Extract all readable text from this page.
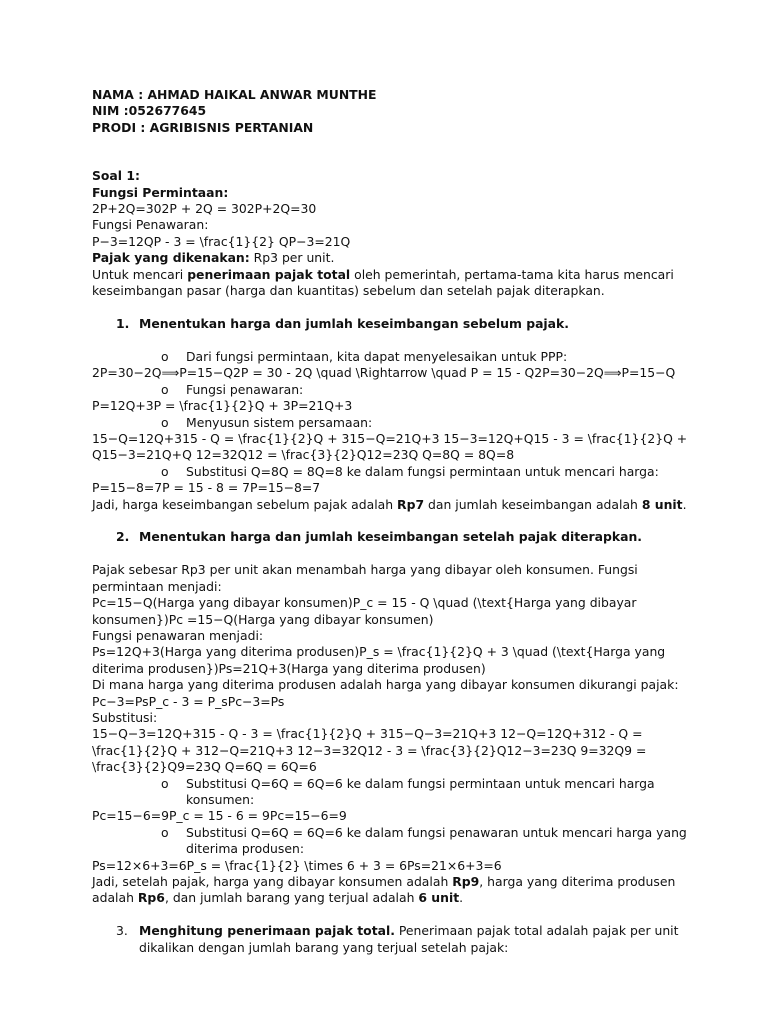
NAMA : AHMAD HAIKAL ANWAR MUNTHE
NIM :052677645
PRODI : AGRIBISNIS PERTANIAN
Soal 1:
Fungsi Permintaan:
2P+2Q=302P + 2Q = 302P+2Q=30
Fungsi Penawaran:
P−3=12QP - 3 = \frac{1}{2} QP−3=21Q
Pajak yang dikenakan: Rp3 per unit.
Untuk mencari penerimaan pajak total oleh pemerintah, pertama-tama kita harus mencari keseimbangan pasar (harga dan kuantitas) sebelum dan setelah pajak diterapkan.
1. Menentukan harga dan jumlah keseimbangan sebelum pajak.
o Dari fungsi permintaan, kita dapat menyelesaikan untuk PPP:
2P=30−2Q⟹P=15−Q2P = 30 - 2Q \quad \Rightarrow \quad P = 15 - Q2P=30−2Q⟹P=15−Q
o Fungsi penawaran:
P=12Q+3P = \frac{1}{2}Q + 3P=21Q+3
o Menyusun sistem persamaan:
15−Q=12Q+315 - Q = \frac{1}{2}Q + 315−Q=21Q+3 15−3=12Q+Q15 - 3 = \frac{1}{2}Q + Q15−3=21Q+Q 12=32Q12 = \frac{3}{2}Q12=23Q Q=8Q = 8Q=8
o Substitusi Q=8Q = 8Q=8 ke dalam fungsi permintaan untuk mencari harga:
P=15−8=7P = 15 - 8 = 7P=15−8=7
Jadi, harga keseimbangan sebelum pajak adalah Rp7 dan jumlah keseimbangan adalah 8 unit.
2. Menentukan harga dan jumlah keseimbangan setelah pajak diterapkan.
Pajak sebesar Rp3 per unit akan menambah harga yang dibayar oleh konsumen. Fungsi permintaan menjadi:
Pc=15−Q(Harga yang dibayar konsumen)P_c = 15 - Q \quad (\text{Harga yang dibayar konsumen})Pc =15−Q(Harga yang dibayar konsumen)
Fungsi penawaran menjadi:
Ps=12Q+3(Harga yang diterima produsen)P_s = \frac{1}{2}Q + 3 \quad (\text{Harga yang diterima produsen})Ps=21Q+3(Harga yang diterima produsen)
Di mana harga yang diterima produsen adalah harga yang dibayar konsumen dikurangi pajak:
Pc−3=PsP_c - 3 = P_sPc−3=Ps
Substitusi:
15−Q−3=12Q+315 - Q - 3 = \frac{1}{2}Q + 315−Q−3=21Q+3 12−Q=12Q+312 - Q = \frac{1}{2}Q + 312−Q=21Q+3 12−3=32Q12 - 3 = \frac{3}{2}Q12−3=23Q 9=32Q9 = \frac{3}{2}Q9=23Q Q=6Q = 6Q=6
o Substitusi Q=6Q = 6Q=6 ke dalam fungsi permintaan untuk mencari harga konsumen:
Pc=15−6=9P_c = 15 - 6 = 9Pc=15−6=9
o Substitusi Q=6Q = 6Q=6 ke dalam fungsi penawaran untuk mencari harga yang diterima produsen:
Ps=12×6+3=6P_s = \frac{1}{2} \times 6 + 3 = 6Ps=21×6+3=6
Jadi, setelah pajak, harga yang dibayar konsumen adalah Rp9, harga yang diterima produsen adalah Rp6, dan jumlah barang yang terjual adalah 6 unit.
3. Menghitung penerimaan pajak total. Penerimaan pajak total adalah pajak per unit dikalikan dengan jumlah barang yang terjual setelah pajak:
